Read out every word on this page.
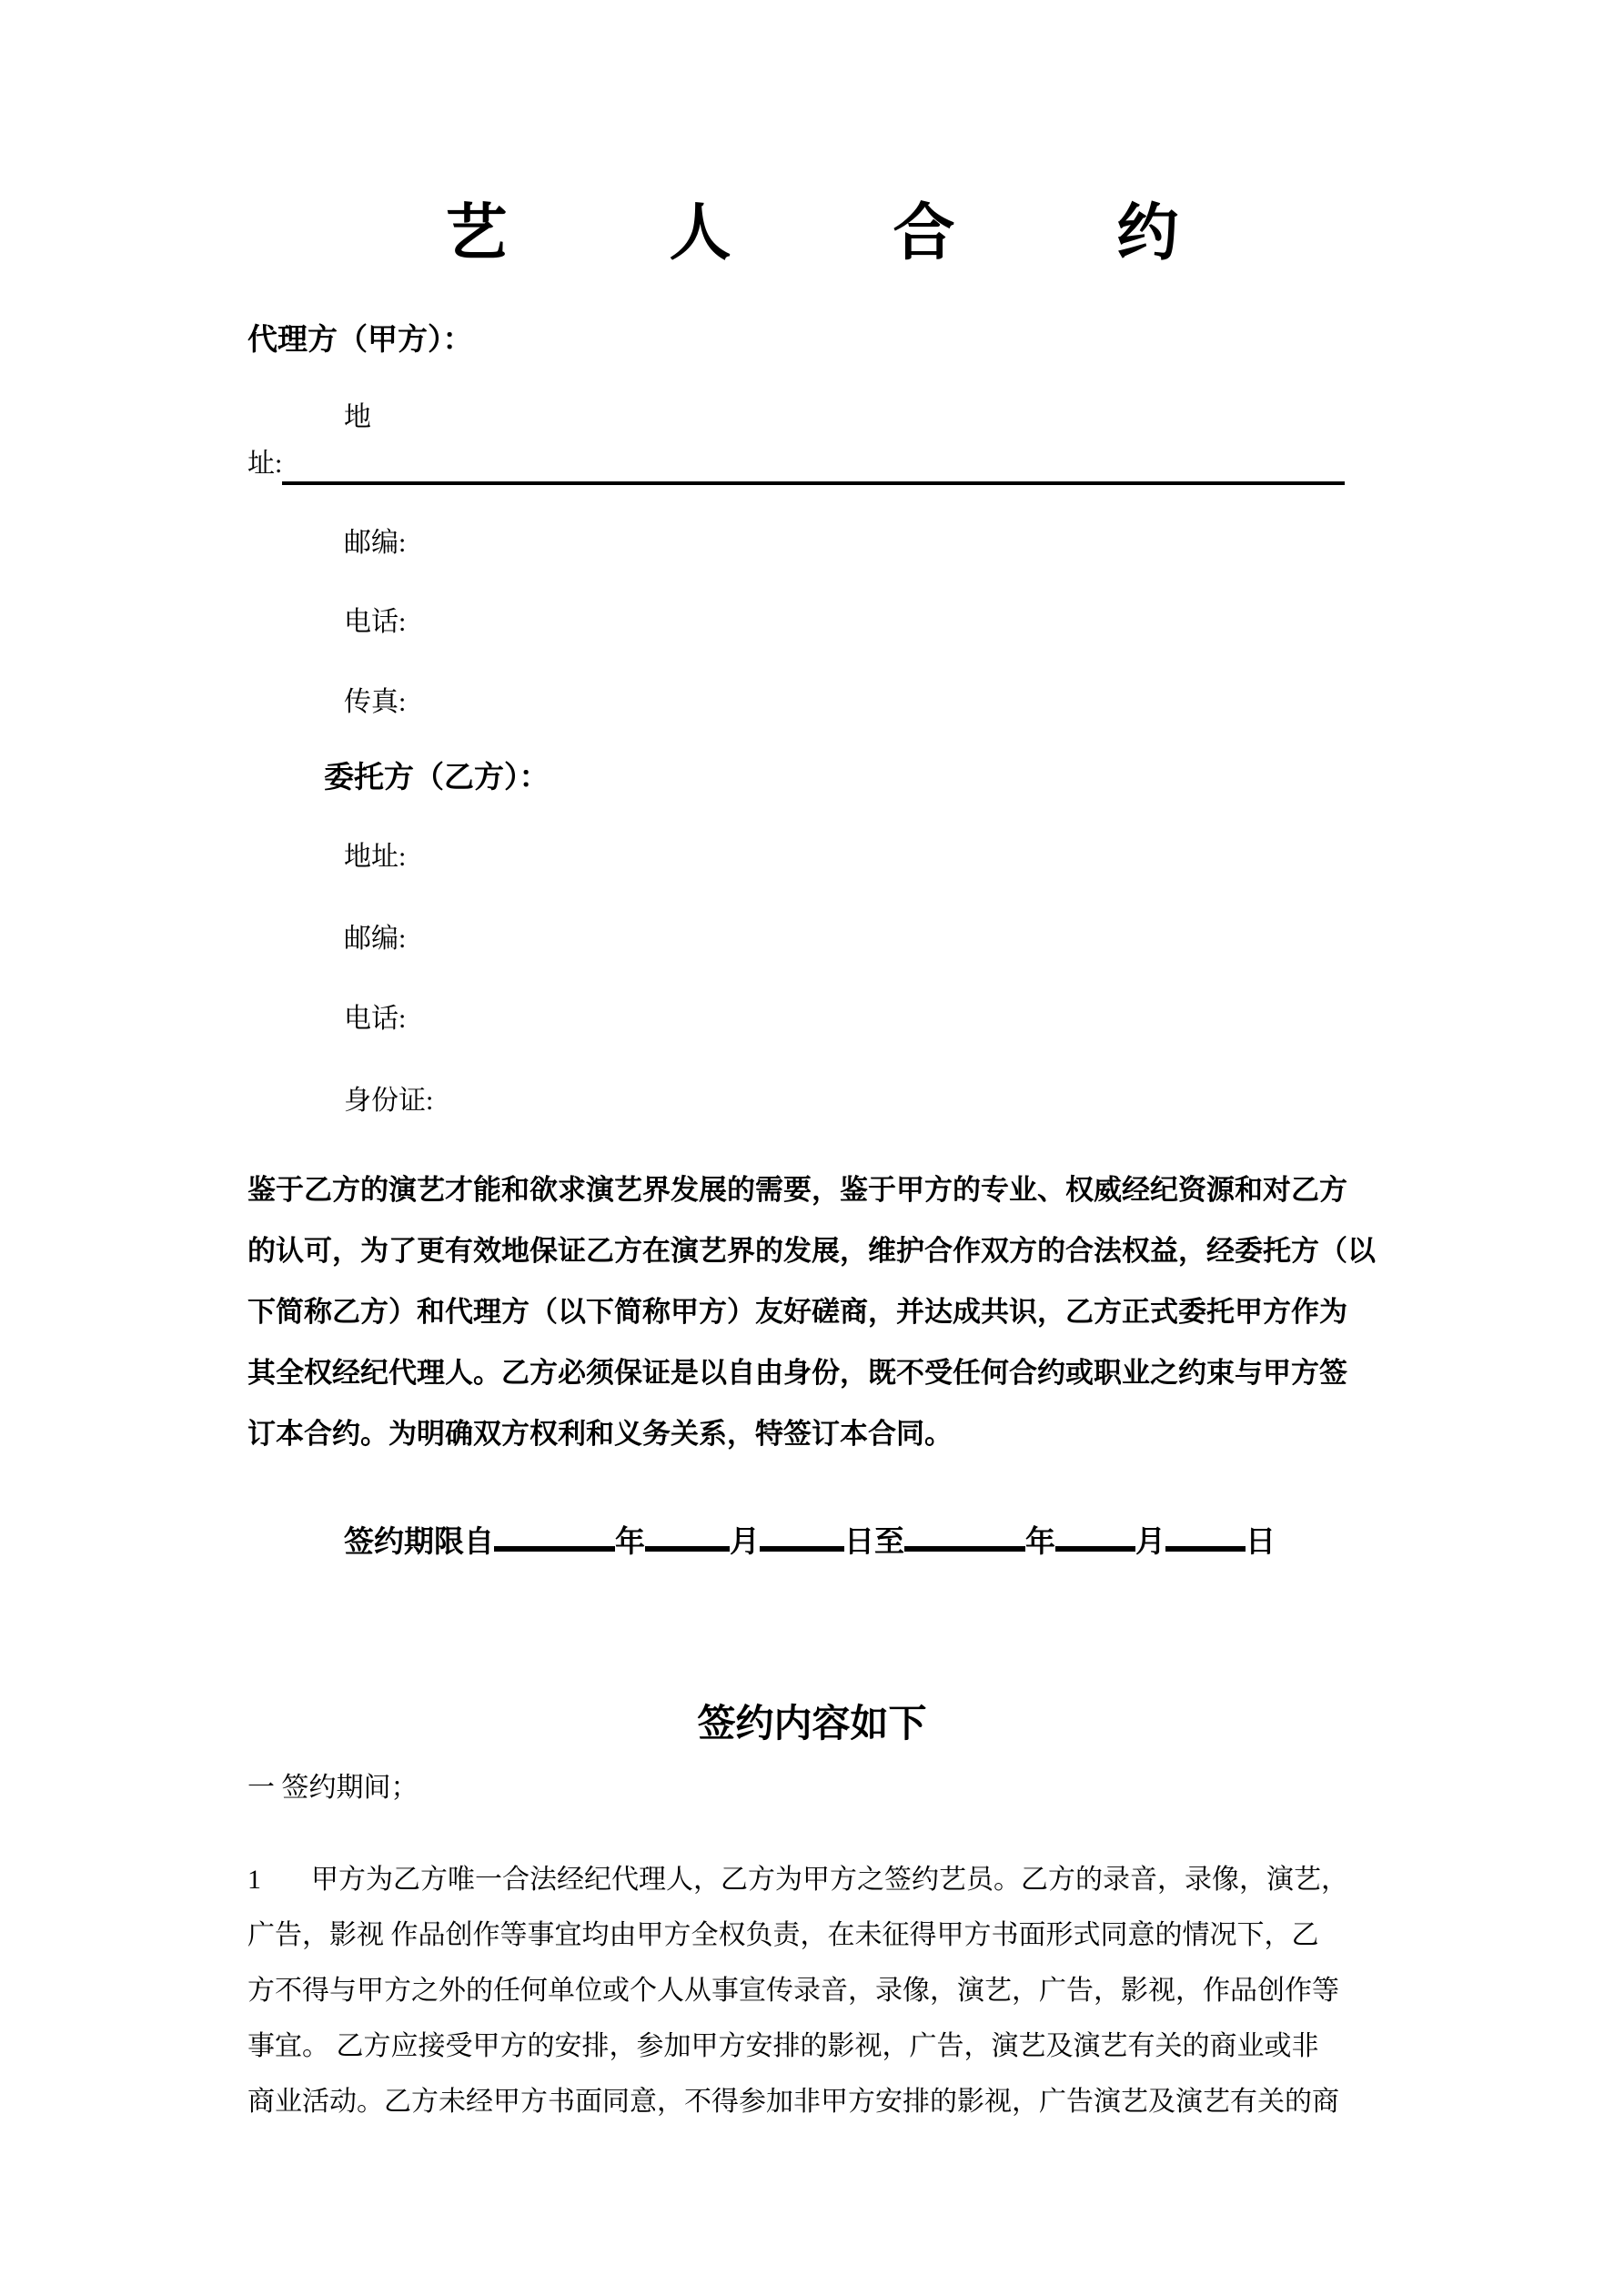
艺  人  合  约
代理方（甲方）：
地
址:
邮编:
电话:
传真:
委托方（乙方）：
地址:
邮编:
电话:
身份证:
鉴于乙方的演艺才能和欲求演艺界发展的需要，鉴于甲方的专业、权威经纪资源和对乙方
的认可，为了更有效地保证乙方在演艺界的发展，维护合作双方的合法权益，经委托方（以
下简称乙方）和代理方（以下简称甲方）友好磋商，并达成共识，乙方正式委托甲方作为
其全权经纪代理人。乙方必须保证是以自由身份，既不受任何合约或职业之约束与甲方签
订本合约。为明确双方权利和义务关系，特签订本合同。
签约期限自	年	月	日至	年	月	日
签约内容如下
一 签约期间；
1 甲方为乙方唯一合法经纪代理人，乙方为甲方之签约艺员。乙方的录音，录像，演艺，
广告，影视 作品创作等事宜均由甲方全权负责，在未征得甲方书面形式同意的情况下，乙
方不得与甲方之外的任何单位或个人从事宣传录音，录像，演艺，广告，影视，作品创作等
事宜。 乙方应接受甲方的安排，参加甲方安排的影视，广告，演艺及演艺有关的商业或非
商业活动。乙方未经甲方书面同意，不得参加非甲方安排的影视，广告演艺及演艺有关的商
